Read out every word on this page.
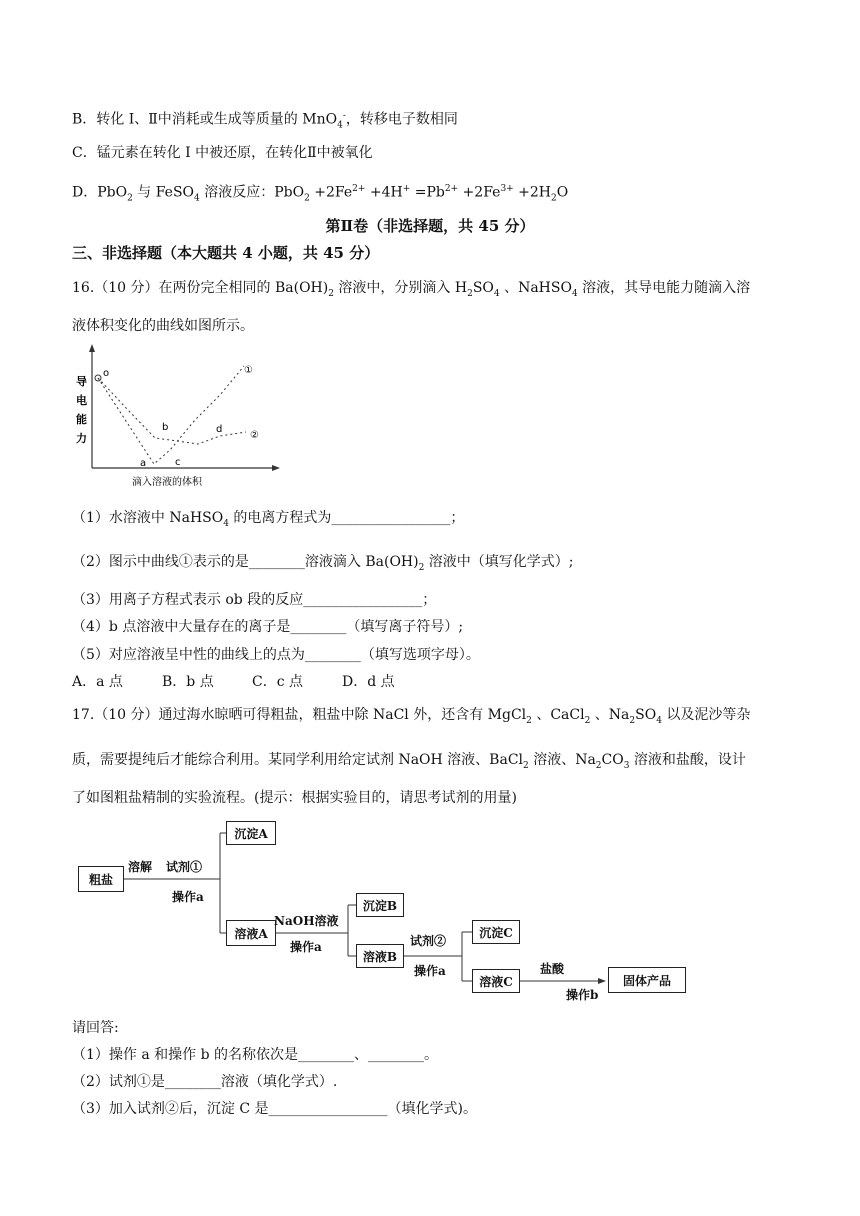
B．转化 I、Ⅱ中消耗或生成等质量的 MnO$_4$-，转移电子数相同
C．锰元素在转化 I 中被还原，在转化Ⅱ中被氧化
D．PbO$_2$ 与 FeSO$_4$ 溶液反应：$PbO_2 +2Fe^{2+} +4H^+ =Pb^{2+} +2Fe^{3+} +2H_2O$
第Ⅱ卷（非选择题，共 45 分）
三、非选择题（本大题共 4 小题，共 45 分）
16.（10 分）在两份完全相同的 $Ba(OH)_2$ 溶液中，分别滴入 $H_2SO_4$ 、NaHSO$_4$ 溶液，其导电能力随滴入溶
液体积变化的曲线如图所示。
导
电
能
力
滴入溶液的体积
o
a
b
c
d
①
②
（1）水溶液中 NaHSO$_4$ 的电离方程式为_________________；
（2）图示中曲线①表示的是________溶液滴入 $Ba(OH)_2$ 溶液中（填写化学式）;
（3）用离子方程式表示 ob 段的反应_________________；
（4）b 点溶液中大量存在的离子是________（填写离子符号）;
（5）对应溶液呈中性的曲线上的点为________（填写选项字母）。
A．a 点	B．b 点	C．c 点	D．d 点
17.（10 分）通过海水晾晒可得粗盐，粗盐中除 NaCl 外，还含有 MgCl$_2$ 、CaCl$_2$ 、$Na_2SO_4$ 以及泥沙等杂
质，需要提纯后才能综合利用。某同学利用给定试剂 NaOH 溶液、BaCl$_2$ 溶液、$Na_2CO_3$ 溶液和盐酸，设计
了如图粗盐精制的实验流程。(提示：根据实验目的，请思考试剂的用量)
粗盐
溶解 试剂①
操作a
沉淀A
溶液A
NaOH溶液
操作a
沉淀B
溶液B
试剂②
操作a
沉淀C
溶液C
盐酸
操作b
固体产品
请回答:
（1）操作 a 和操作 b 的名称依次是________、________。
（2）试剂①是________溶液（填化学式）.
（3）加入试剂②后，沉淀 C 是_________________（填化学式)。
